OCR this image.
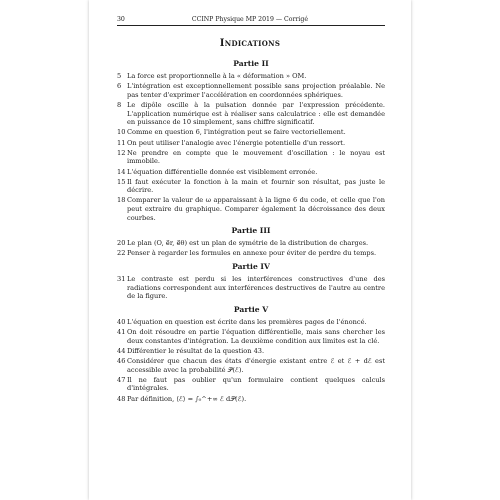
30	CCINP Physique MP 2019 — Corrigé
Indications
Partie II
5 La force est proportionnelle à la « déformation » OM.
6 L'intégration est exceptionnellement possible sans projection préalable. Ne pas tenter d'exprimer l'accélération en coordonnées sphériques.
8 Le dipôle oscille à la pulsation donnée par l'expression précédente. L'application numérique est à réaliser sans calculatrice : elle est demandée en puissance de 10 simplement, sans chiffre significatif.
10 Comme en question 6, l'intégration peut se faire vectoriellement.
11 On peut utiliser l'analogie avec l'énergie potentielle d'un ressort.
12 Ne prendre en compte que le mouvement d'oscillation : le noyau est immobile.
14 L'équation différentielle donnée est visiblement erronée.
15 Il faut exécuter la fonction à la main et fournir son résultat, pas juste le décrire.
18 Comparer la valeur de ω apparaissant à la ligne 6 du code, et celle que l'on peut extraire du graphique. Comparer également la décroissance des deux courbes.
Partie III
20 Le plan (O, e⃗r, e⃗θ) est un plan de symétrie de la distribution de charges.
22 Penser à regarder les formules en annexe pour éviter de perdre du temps.
Partie IV
31 Le contraste est perdu si les interférences constructives d'une des radiations correspondent aux interférences destructives de l'autre au centre de la figure.
Partie V
40 L'équation en question est écrite dans les premières pages de l'énoncé.
41 On doit résoudre en partie l'équation différentielle, mais sans chercher les deux constantes d'intégration. La deuxième condition aux limites est la clé.
44 Différentier le résultat de la question 43.
46 Considérer que chacun des états d'énergie existant entre ℰ et ℰ + dℰ est accessible avec la probabilité 𝒫(ℰ).
47 Il ne faut pas oublier qu'un formulaire contient quelques calculs d'intégrales.
48 Par définition, ⟨ℰ⟩ = ∫₀^+∞ ℰ d𝒫(ℰ).
